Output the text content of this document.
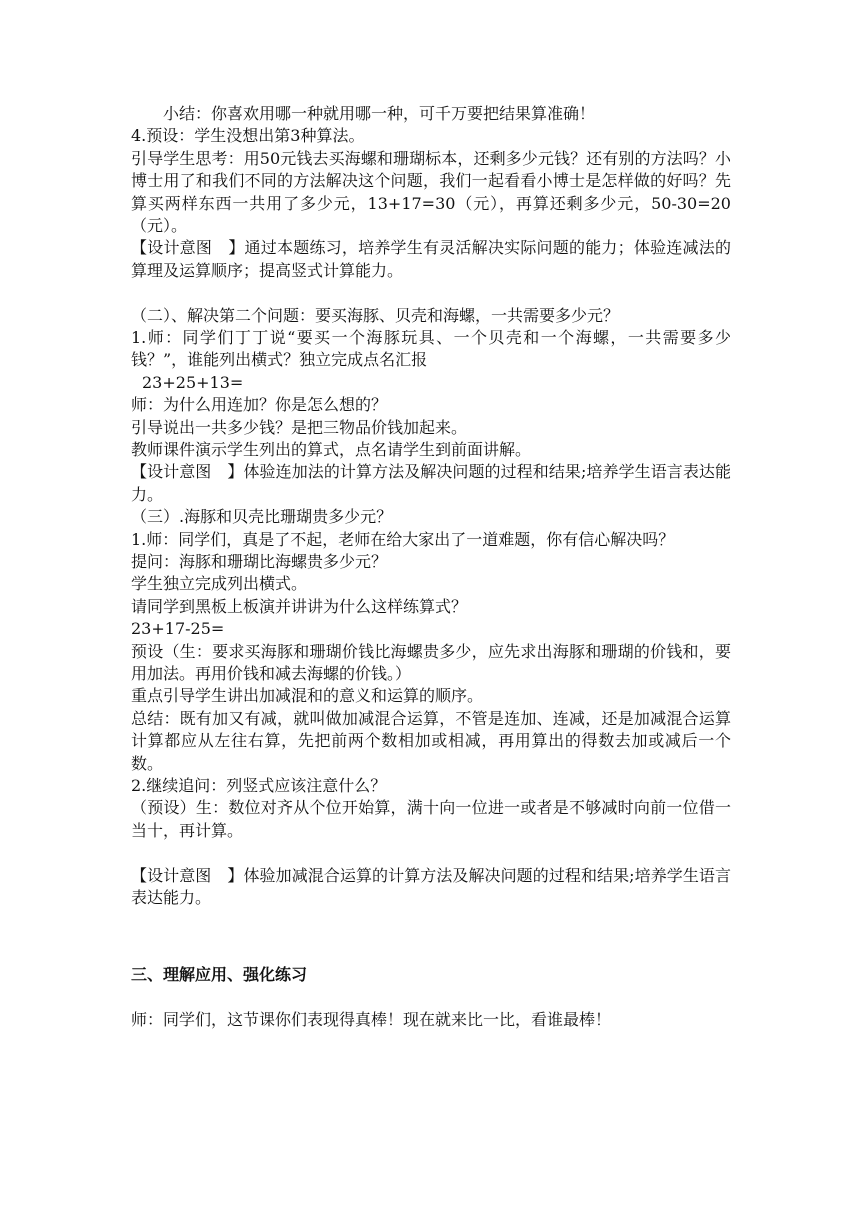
小结：你喜欢用哪一种就用哪一种，可千万要把结果算准确！
4.预设：学生没想出第3种算法。
引导学生思考：用50元钱去买海螺和珊瑚标本，还剩多少元钱？还有别的方法吗？小博士用了和我们不同的方法解决这个问题，我们一起看看小博士是怎样做的好吗？先算买两样东西一共用了多少元，13+17=30（元），再算还剩多少元，50-30=20（元）。
【设计意图　】通过本题练习，培养学生有灵活解决实际问题的能力；体验连减法的算理及运算顺序；提高竖式计算能力。
（二）、解决第二个问题：要买海豚、贝壳和海螺，一共需要多少元？
1.师：同学们丁丁说“要买一个海豚玩具、一个贝壳和一个海螺，一共需要多少钱？”，谁能列出横式？独立完成点名汇报
23+25+13=
师：为什么用连加？你是怎么想的？
引导说出一共多少钱？是把三物品价钱加起来。
教师课件演示学生列出的算式，点名请学生到前面讲解。
【设计意图　】体验连加法的计算方法及解决问题的过程和结果;培养学生语言表达能力。
（三）.海豚和贝壳比珊瑚贵多少元？
1.师：同学们，真是了不起，老师在给大家出了一道难题，你有信心解决吗？
提问：海豚和珊瑚比海螺贵多少元？
学生独立完成列出横式。
请同学到黑板上板演并讲讲为什么这样练算式？
23+17-25=
预设（生：要求买海豚和珊瑚价钱比海螺贵多少，应先求出海豚和珊瑚的价钱和，要用加法。再用价钱和减去海螺的价钱。）
重点引导学生讲出加减混和的意义和运算的顺序。
总结：既有加又有减，就叫做加减混合运算，不管是连加、连减，还是加减混合运算计算都应从左往右算，先把前两个数相加或相减，再用算出的得数去加或减后一个数。
2.继续追问：列竖式应该注意什么？
（预设）生：数位对齐从个位开始算，满十向一位进一或者是不够减时向前一位借一当十，再计算。
【设计意图　】体验加减混合运算的计算方法及解决问题的过程和结果;培养学生语言表达能力。
三、理解应用、强化练习
师：同学们，这节课你们表现得真棒！现在就来比一比，看谁最棒！
